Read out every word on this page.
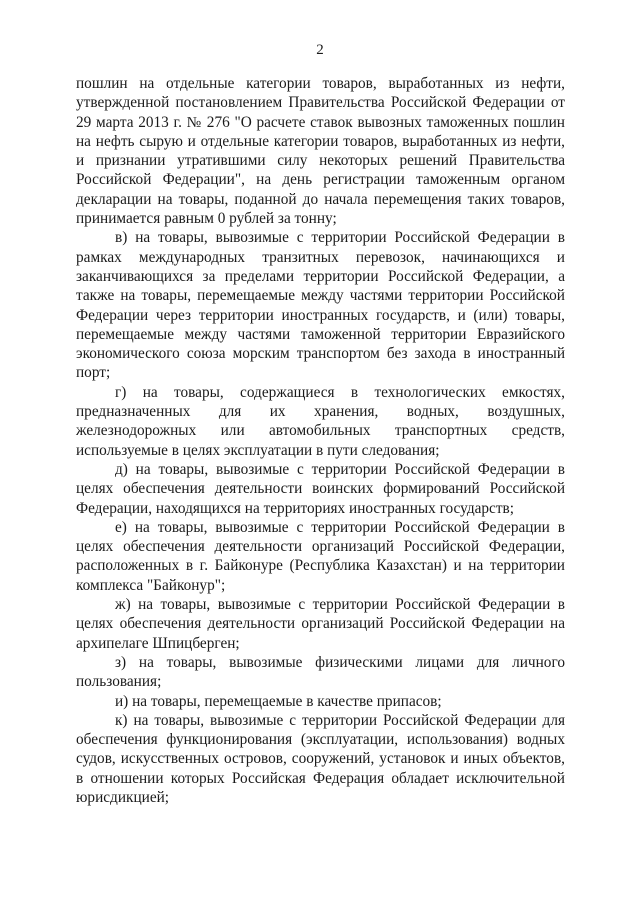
2

пошлин на отдельные категории товаров, выработанных из нефти, утвержденной постановлением Правительства Российской Федерации от 29 марта 2013 г. № 276 "О расчете ставок вывозных таможенных пошлин на нефть сырую и отдельные категории товаров, выработанных из нефти, и признании утратившими силу некоторых решений Правительства Российской Федерации", на день регистрации таможенным органом декларации на товары, поданной до начала перемещения таких товаров, принимается равным 0 рублей за тонну;

в) на товары, вывозимые с территории Российской Федерации в рамках международных транзитных перевозок, начинающихся и заканчивающихся за пределами территории Российской Федерации, а также на товары, перемещаемые между частями территории Российской Федерации через территории иностранных государств, и (или) товары, перемещаемые между частями таможенной территории Евразийского экономического союза морским транспортом без захода в иностранный порт;

г) на товары, содержащиеся в технологических емкостях, предназначенных для их хранения, водных, воздушных, железнодорожных или автомобильных транспортных средств, используемые в целях эксплуатации в пути следования;

д) на товары, вывозимые с территории Российской Федерации в целях обеспечения деятельности воинских формирований Российской Федерации, находящихся на территориях иностранных государств;

е) на товары, вывозимые с территории Российской Федерации в целях обеспечения деятельности организаций Российской Федерации, расположенных в г. Байконуре (Республика Казахстан) и на территории комплекса "Байконур";

ж) на товары, вывозимые с территории Российской Федерации в целях обеспечения деятельности организаций Российской Федерации на архипелаге Шпицберген;

з) на товары, вывозимые физическими лицами для личного пользования;

и) на товары, перемещаемые в качестве припасов;

к) на товары, вывозимые с территории Российской Федерации для обеспечения функционирования (эксплуатации, использования) водных судов, искусственных островов, сооружений, установок и иных объектов, в отношении которых Российская Федерация обладает исключительной юрисдикцией;
